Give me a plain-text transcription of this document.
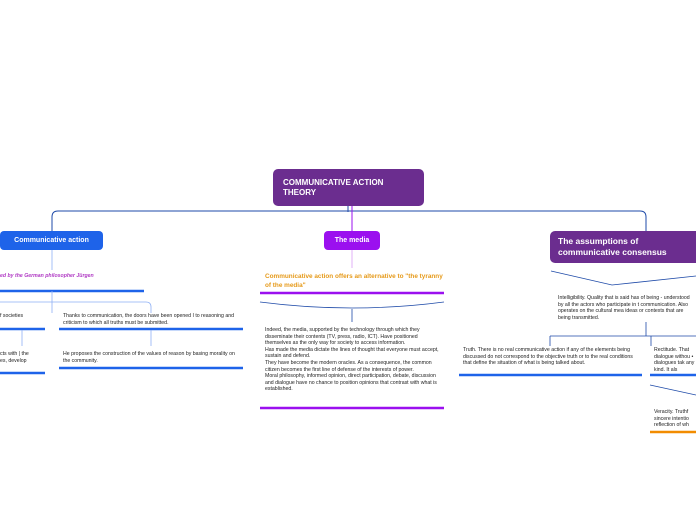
COMMUNICATIVE ACTION THEORY
Communicative action
ed by the German philosopher Jürgen
f societies	Thanks to communication, the doors have been opened I to reasoning and criticism to which all truths must be submitted.
cts with | the
es, develop
He proposes the construction of the values of reason by basing morality on the community.
The media
Communicative action offers an alternative to "the tyranny of the media"
Indeed, the media, supported by the technology through which they disseminate their contents (TV, press, radio, ICT). Have positioned themselves as the only way for society to access information.
Has made the media dictate the lines of thought that everyone must accept, sustain and defend.
They have become the modern oracles. As a consequence, the common citizen becomes the first line of defense of the interests of power.
Moral philosophy, informed opinion, direct participation, debate, discussion and dialogue have no chance to position opinions that contrast with what is established.
The assumptions of communicative consensus
Intelligibility. Quality that is said has of being - understood by all the actors who participate in t communication. Also operates on the cultural mea ideas or contexts that are being transmitted.
Truth. There is no real communicative action if any of the elements being discussed do not correspond to the objective truth or to the real conditions that define the situation of what is being talked about.
Rectitude. That dialogue withou • dialogues tak any kind. It als
Veracity. Truthf sincere intentio reflection of wh
